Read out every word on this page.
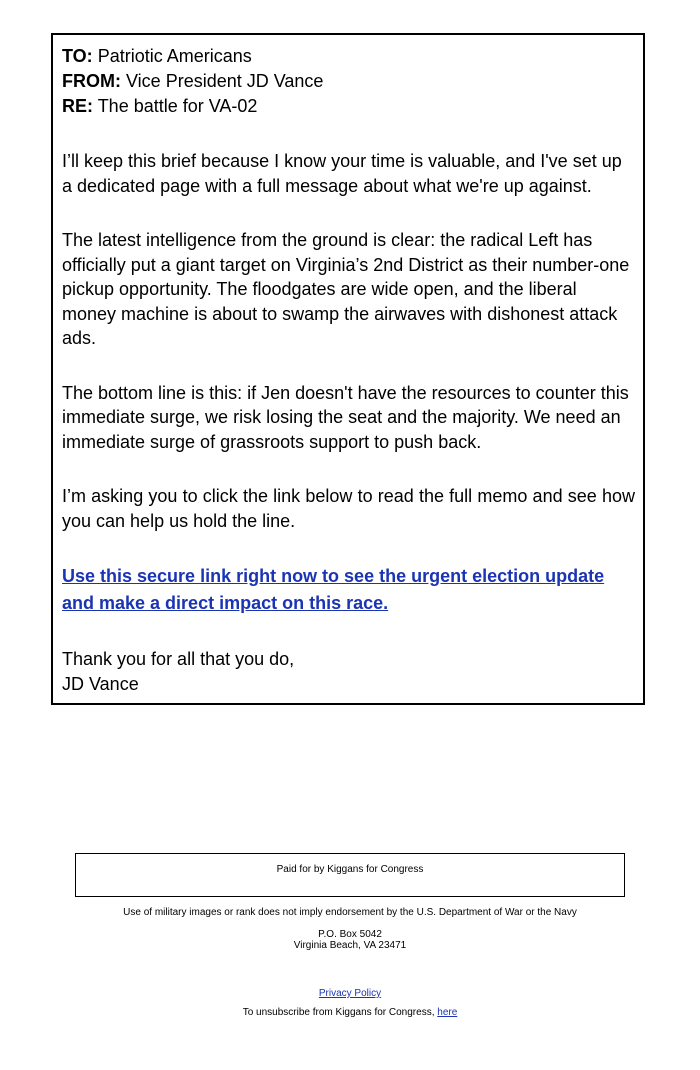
TO: Patriotic Americans

FROM: Vice President JD Vance

RE: The battle for VA-02

I’ll keep this brief because I know your time is valuable, and I've set up a dedicated page with a full message about what we're up against.

The latest intelligence from the ground is clear: the radical Left has officially put a giant target on Virginia’s 2nd District as their number-one pickup opportunity. The floodgates are wide open, and the liberal money machine is about to swamp the airwaves with dishonest attack ads.

The bottom line is this: if Jen doesn't have the resources to counter this immediate surge, we risk losing the seat and the majority. We need an immediate surge of grassroots support to push back.

I’m asking you to click the link below to read the full memo and see how you can help us hold the line.

Use this secure link right now to see the urgent election update and make a direct impact on this race.

Thank you for all that you do,
JD Vance

Paid for by Kiggans for Congress
Use of military images or rank does not imply endorsement by the U.S. Department of War or the Navy
P.O. Box 5042
Virginia Beach, VA 23471
Privacy Policy
To unsubscribe from Kiggans for Congress, here
